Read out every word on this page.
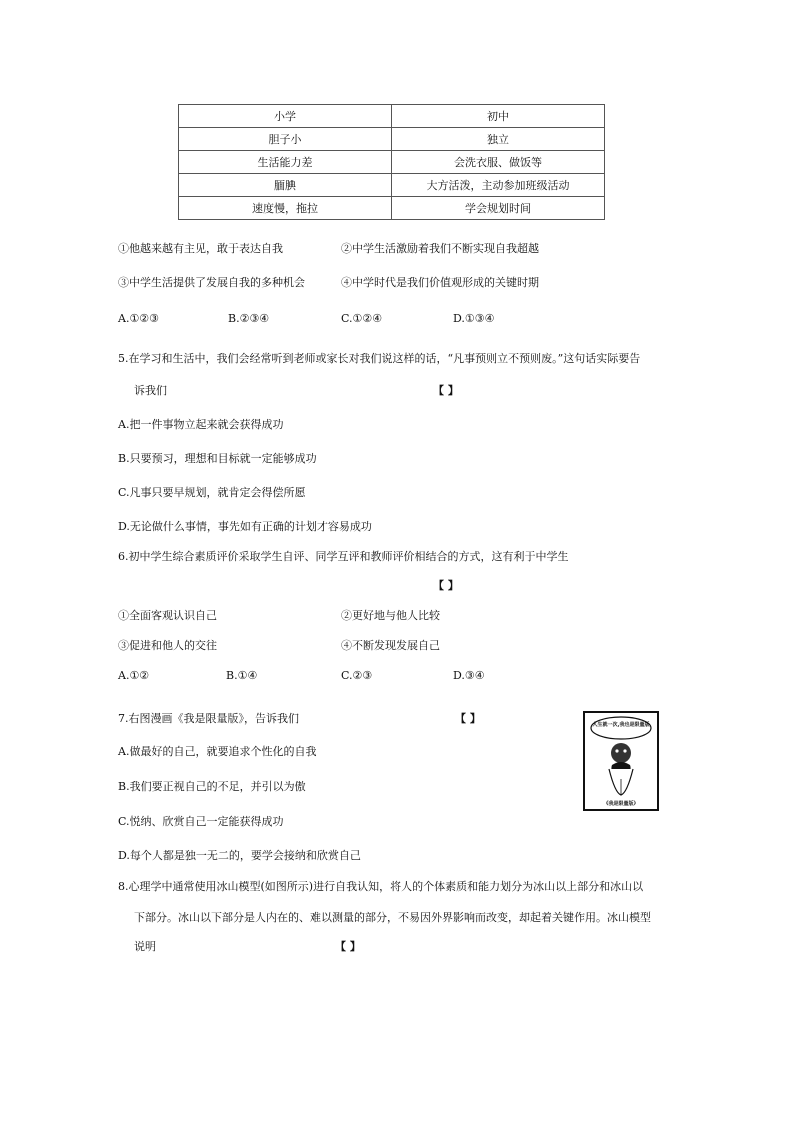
小学	初中
胆子小	独立
生活能力差	会洗衣服、做饭等
腼腆	大方活泼，主动参加班级活动
速度慢，拖拉	学会规划时间
①他越来越有主见，敢于表达自我	②中学生活激励着我们不断实现自我超越
③中学生活提供了发展自我的多种机会	④中学时代是我们价值观形成的关键时期
A.①②③	B.②③④	C.①②④	D.①③④
5.在学习和生活中，我们会经常听到老师或家长对我们说这样的话，“凡事预则立不预则废。”这句话实际要告
诉我们	【 】
A.把一件事物立起来就会获得成功
B.只要预习，理想和目标就一定能够成功
C.凡事只要早规划，就肯定会得偿所愿
D.无论做什么事情，事先如有正确的计划才容易成功
6.初中学生综合素质评价采取学生自评、同学互评和教师评价相结合的方式，这有利于中学生
【 】
①全面客观认识自己	②更好地与他人比较
③促进和他人的交往	④不断发现发展自己
A.①②	B.①④	C.②③	D.③④
7.右图漫画《我是限量版》，告诉我们	【 】
A.做最好的自己，就要追求个性化的自我
B.我们要正视自己的不足，并引以为傲
C.悦纳、欣赏自己一定能获得成功
D.每个人都是独一无二的，要学会接纳和欣赏自己
人生就一次,我也是限量版
《我是限量版》
8.心理学中通常使用冰山模型(如图所示)进行自我认知，将人的个体素质和能力划分为冰山以上部分和冰山以
下部分。冰山以下部分是人内在的、难以测量的部分，不易因外界影响而改变，却起着关键作用。冰山模型
说明	【 】
